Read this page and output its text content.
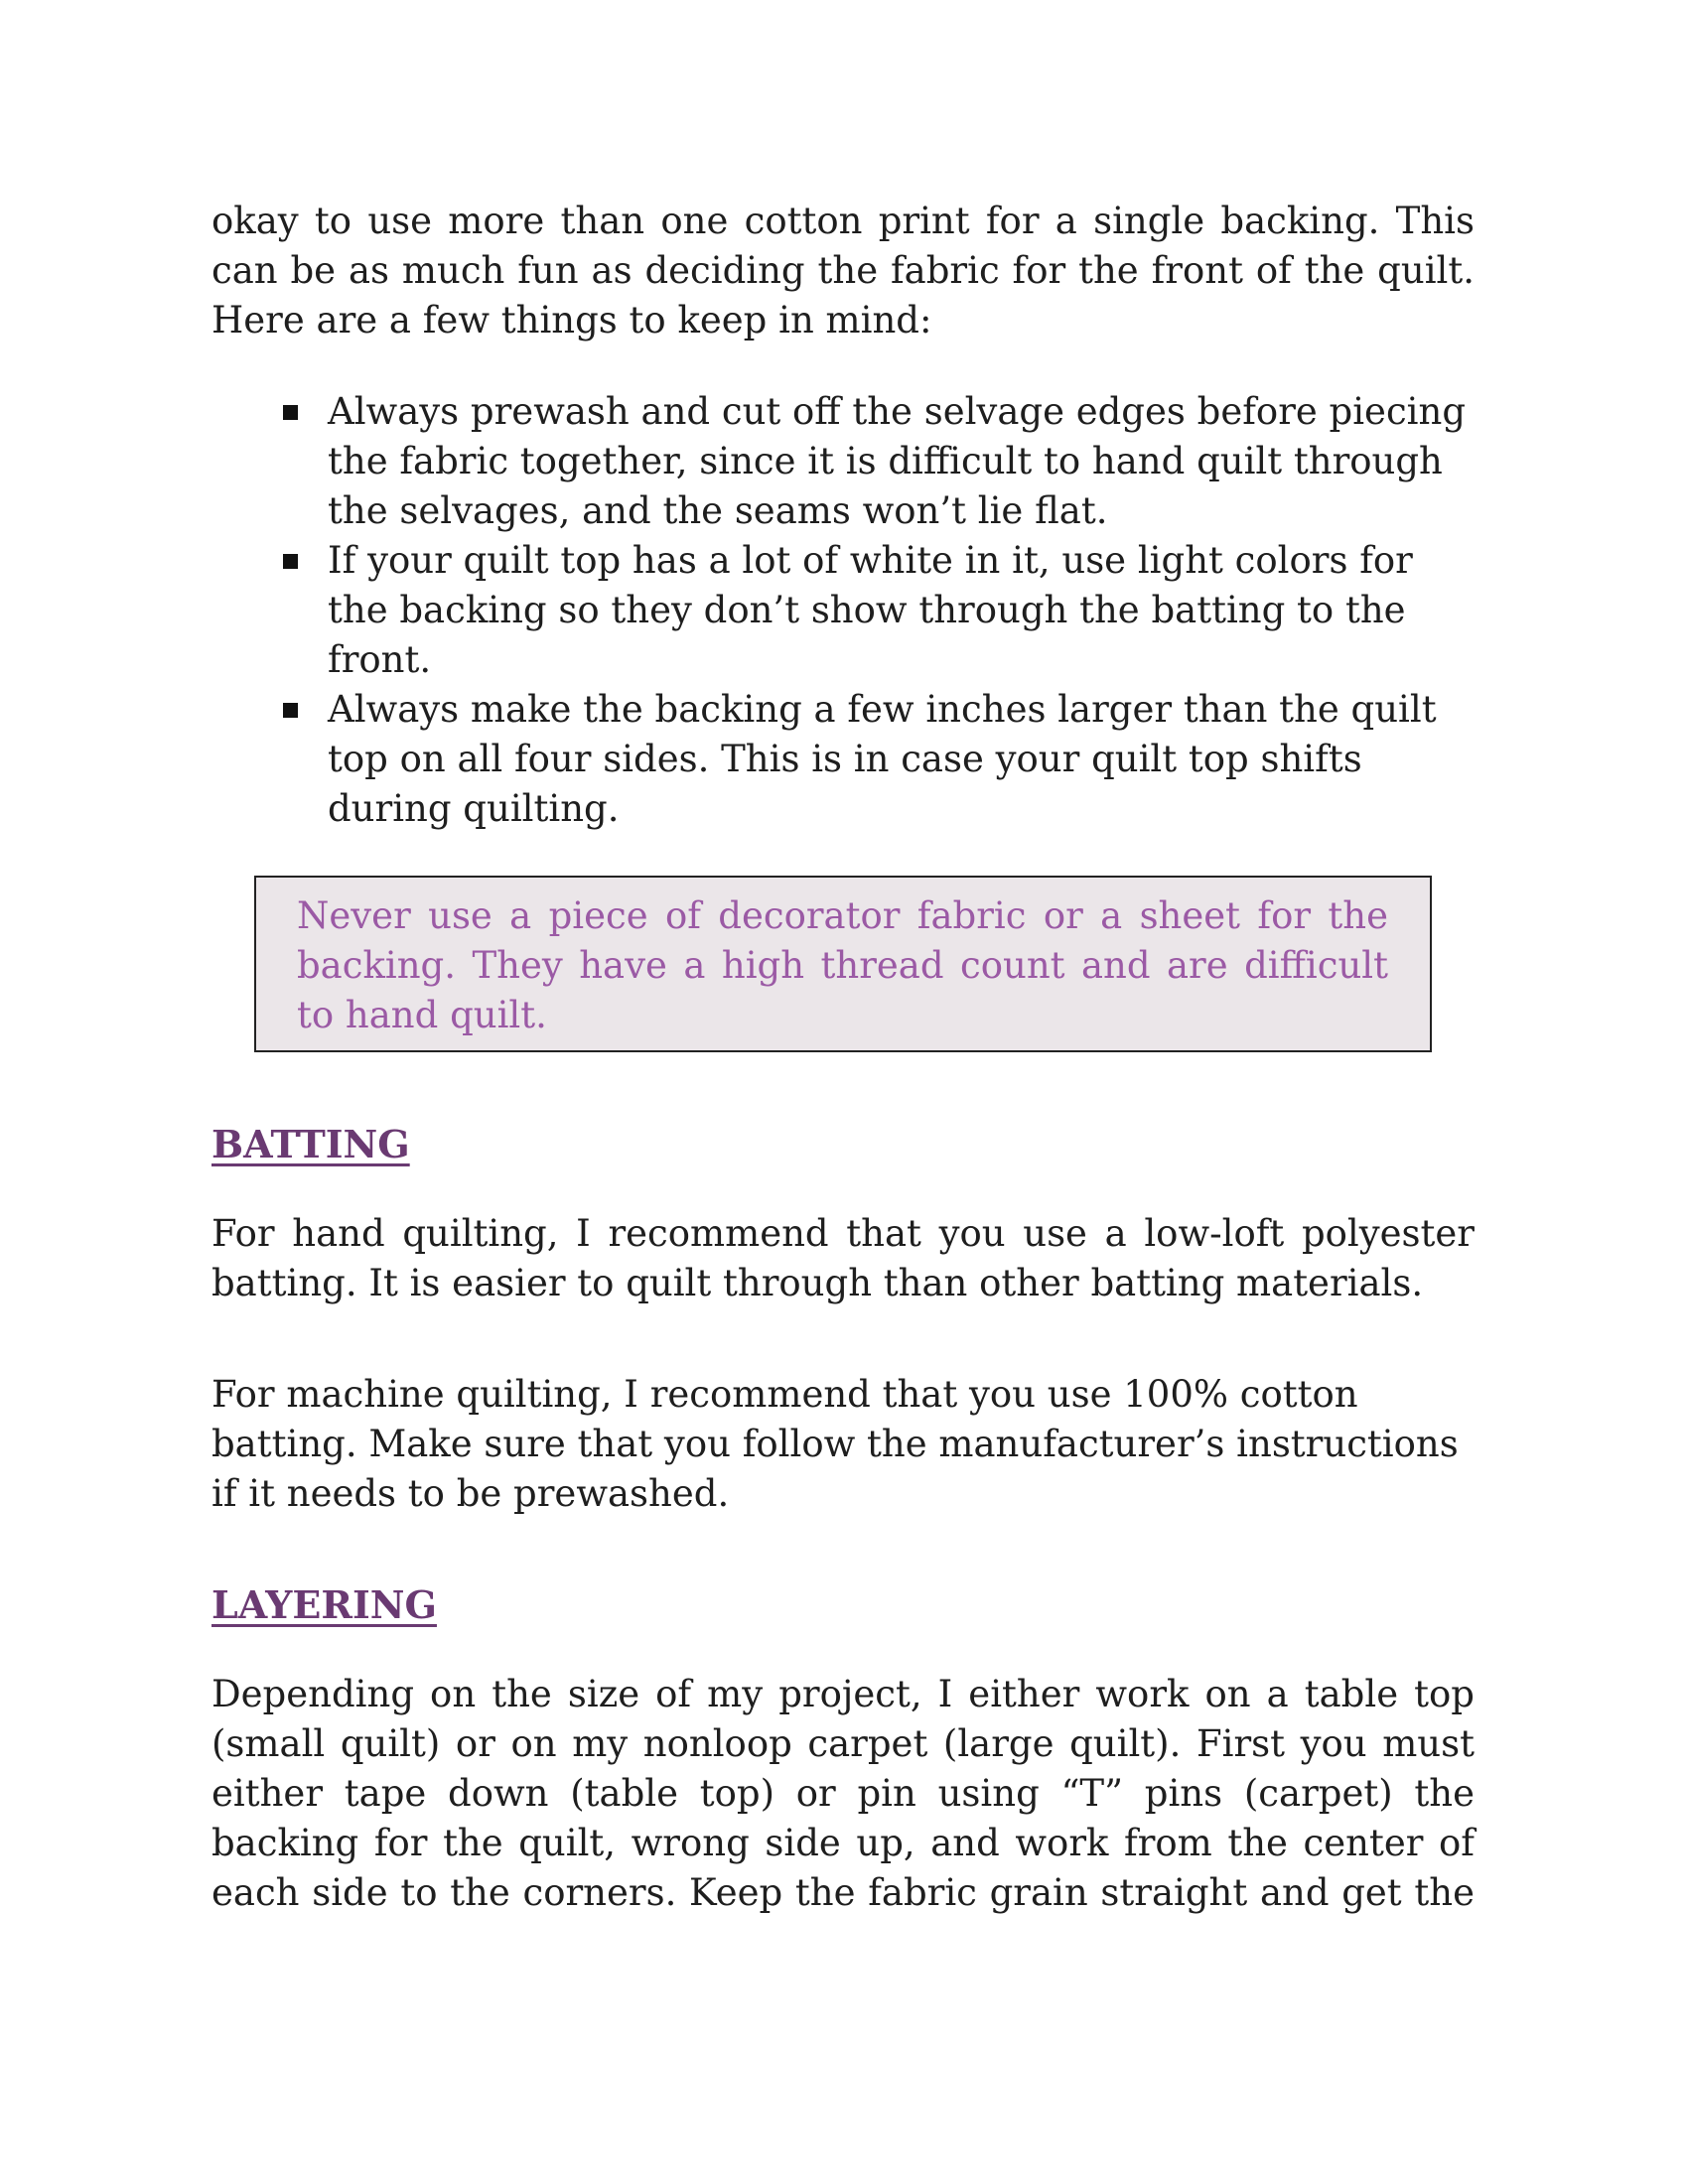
okay to use more than one cotton print for a single backing. This can be as much fun as deciding the fabric for the front of the quilt. Here are a few things to keep in mind:

Always prewash and cut off the selvage edges before piecing the fabric together, since it is difficult to hand quilt through the selvages, and the seams won’t lie flat.
If your quilt top has a lot of white in it, use light colors for the backing so they don’t show through the batting to the front.
Always make the backing a few inches larger than the quilt top on all four sides. This is in case your quilt top shifts during quilting.

Never use a piece of decorator fabric or a sheet for the backing. They have a high thread count and are difficult to hand quilt.

BATTING

For hand quilting, I recommend that you use a low-loft polyester batting. It is easier to quilt through than other batting materials.

For machine quilting, I recommend that you use 100% cotton batting. Make sure that you follow the manufacturer’s instructions if it needs to be prewashed.

LAYERING

Depending on the size of my project, I either work on a table top (small quilt) or on my nonloop carpet (large quilt). First you must either tape down (table top) or pin using “T” pins (carpet) the backing for the quilt, wrong side up, and work from the center of each side to the corners. Keep the fabric grain straight and get the
